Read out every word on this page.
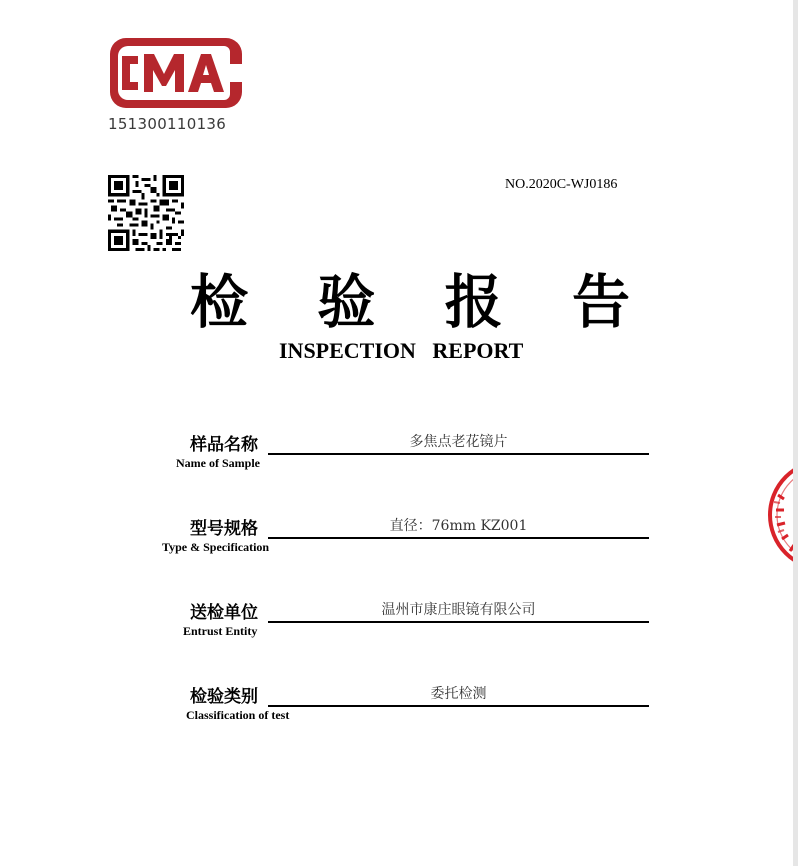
151300110136
NO.2020C-WJ0186
检 验 报 告
INSPECTION   REPORT
样品名称
Name of Sample
多焦点老花镜片
型号规格
Type & Specification
直径：76mm KZ001
送检单位
Entrust Entity
温州市康庄眼镜有限公司
检验类别
Classification of test
委托检测
